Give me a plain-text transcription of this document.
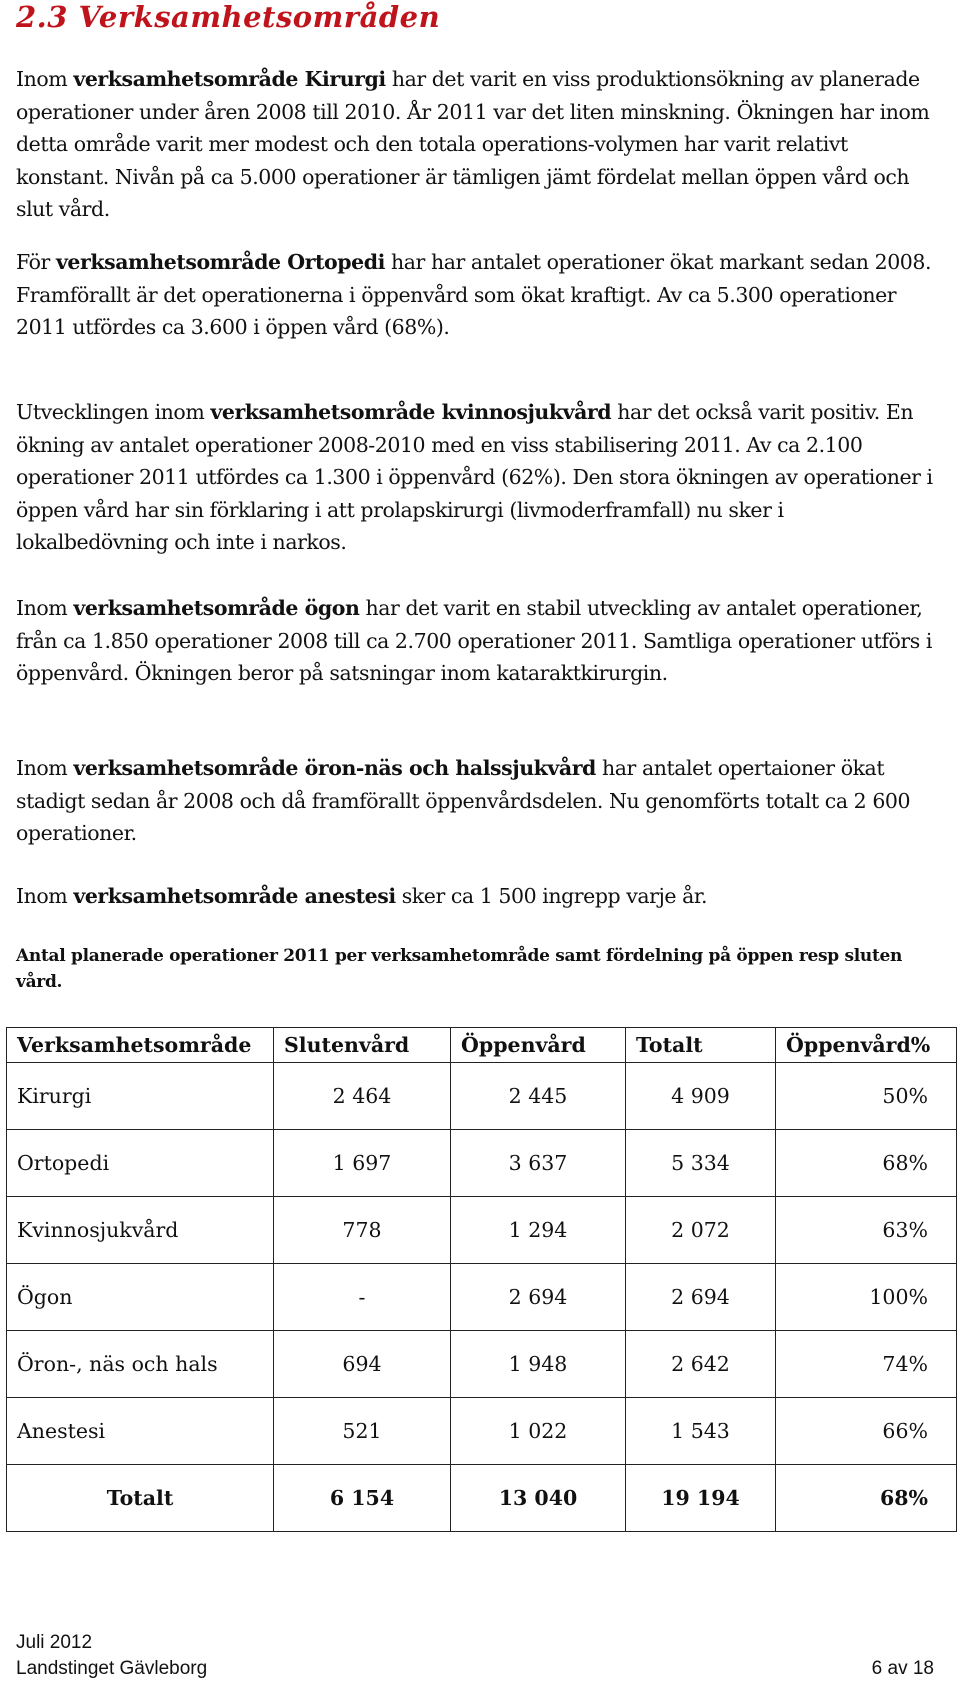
2.3 Verksamhetsområden

Inom verksamhetsområde Kirurgi har det varit en viss produktionsökning av planerade operationer under åren 2008 till 2010. År 2011 var det liten minskning. Ökningen har inom detta område varit mer modest och den totala operations-volymen har varit relativt konstant. Nivån på ca 5.000 operationer är tämligen jämt fördelat mellan öppen vård och slut vård.

För verksamhetsområde Ortopedi har har antalet operationer ökat markant sedan 2008. Framförallt är det operationerna i öppenvård som ökat kraftigt. Av ca 5.300 operationer 2011 utfördes ca 3.600 i öppen vård (68%).

Utvecklingen inom verksamhetsområde kvinnosjukvård har det också varit positiv. En ökning av antalet operationer 2008-2010 med en viss stabilisering 2011. Av ca 2.100 operationer 2011 utfördes ca 1.300 i öppenvård (62%). Den stora ökningen av operationer i öppen vård har sin förklaring i att prolapskirurgi (livmoderframfall) nu sker i lokalbedövning och inte i narkos.

Inom verksamhetsområde ögon har det varit en stabil utveckling av antalet operationer, från ca 1.850 operationer 2008 till ca 2.700 operationer 2011. Samtliga operationer utförs i öppenvård. Ökningen beror på satsningar inom kataraktkirurgin.

Inom verksamhetsområde öron-näs och halssjukvård har antalet opertaioner ökat stadigt sedan år 2008 och då framförallt öppenvårdsdelen. Nu genomförts totalt ca 2 600 operationer.

Inom verksamhetsområde anestesi sker ca 1 500 ingrepp varje år.

Antal planerade operationer 2011 per verksamhetområde samt fördelning på öppen resp sluten vård.

Verksamhetsområde	Slutenvård	Öppenvård	Totalt	Öppenvård%
Kirurgi	2 464	2 445	4 909	50%
Ortopedi	1 697	3 637	5 334	68%
Kvinnosjukvård	778	1 294	2 072	63%
Ögon	-	2 694	2 694	100%
Öron-, näs och hals	694	1 948	2 642	74%
Anestesi	521	1 022	1 543	66%
Totalt	6 154	13 040	19 194	68%
Juli 2012
Landstinget Gävleborg	6 av 18
